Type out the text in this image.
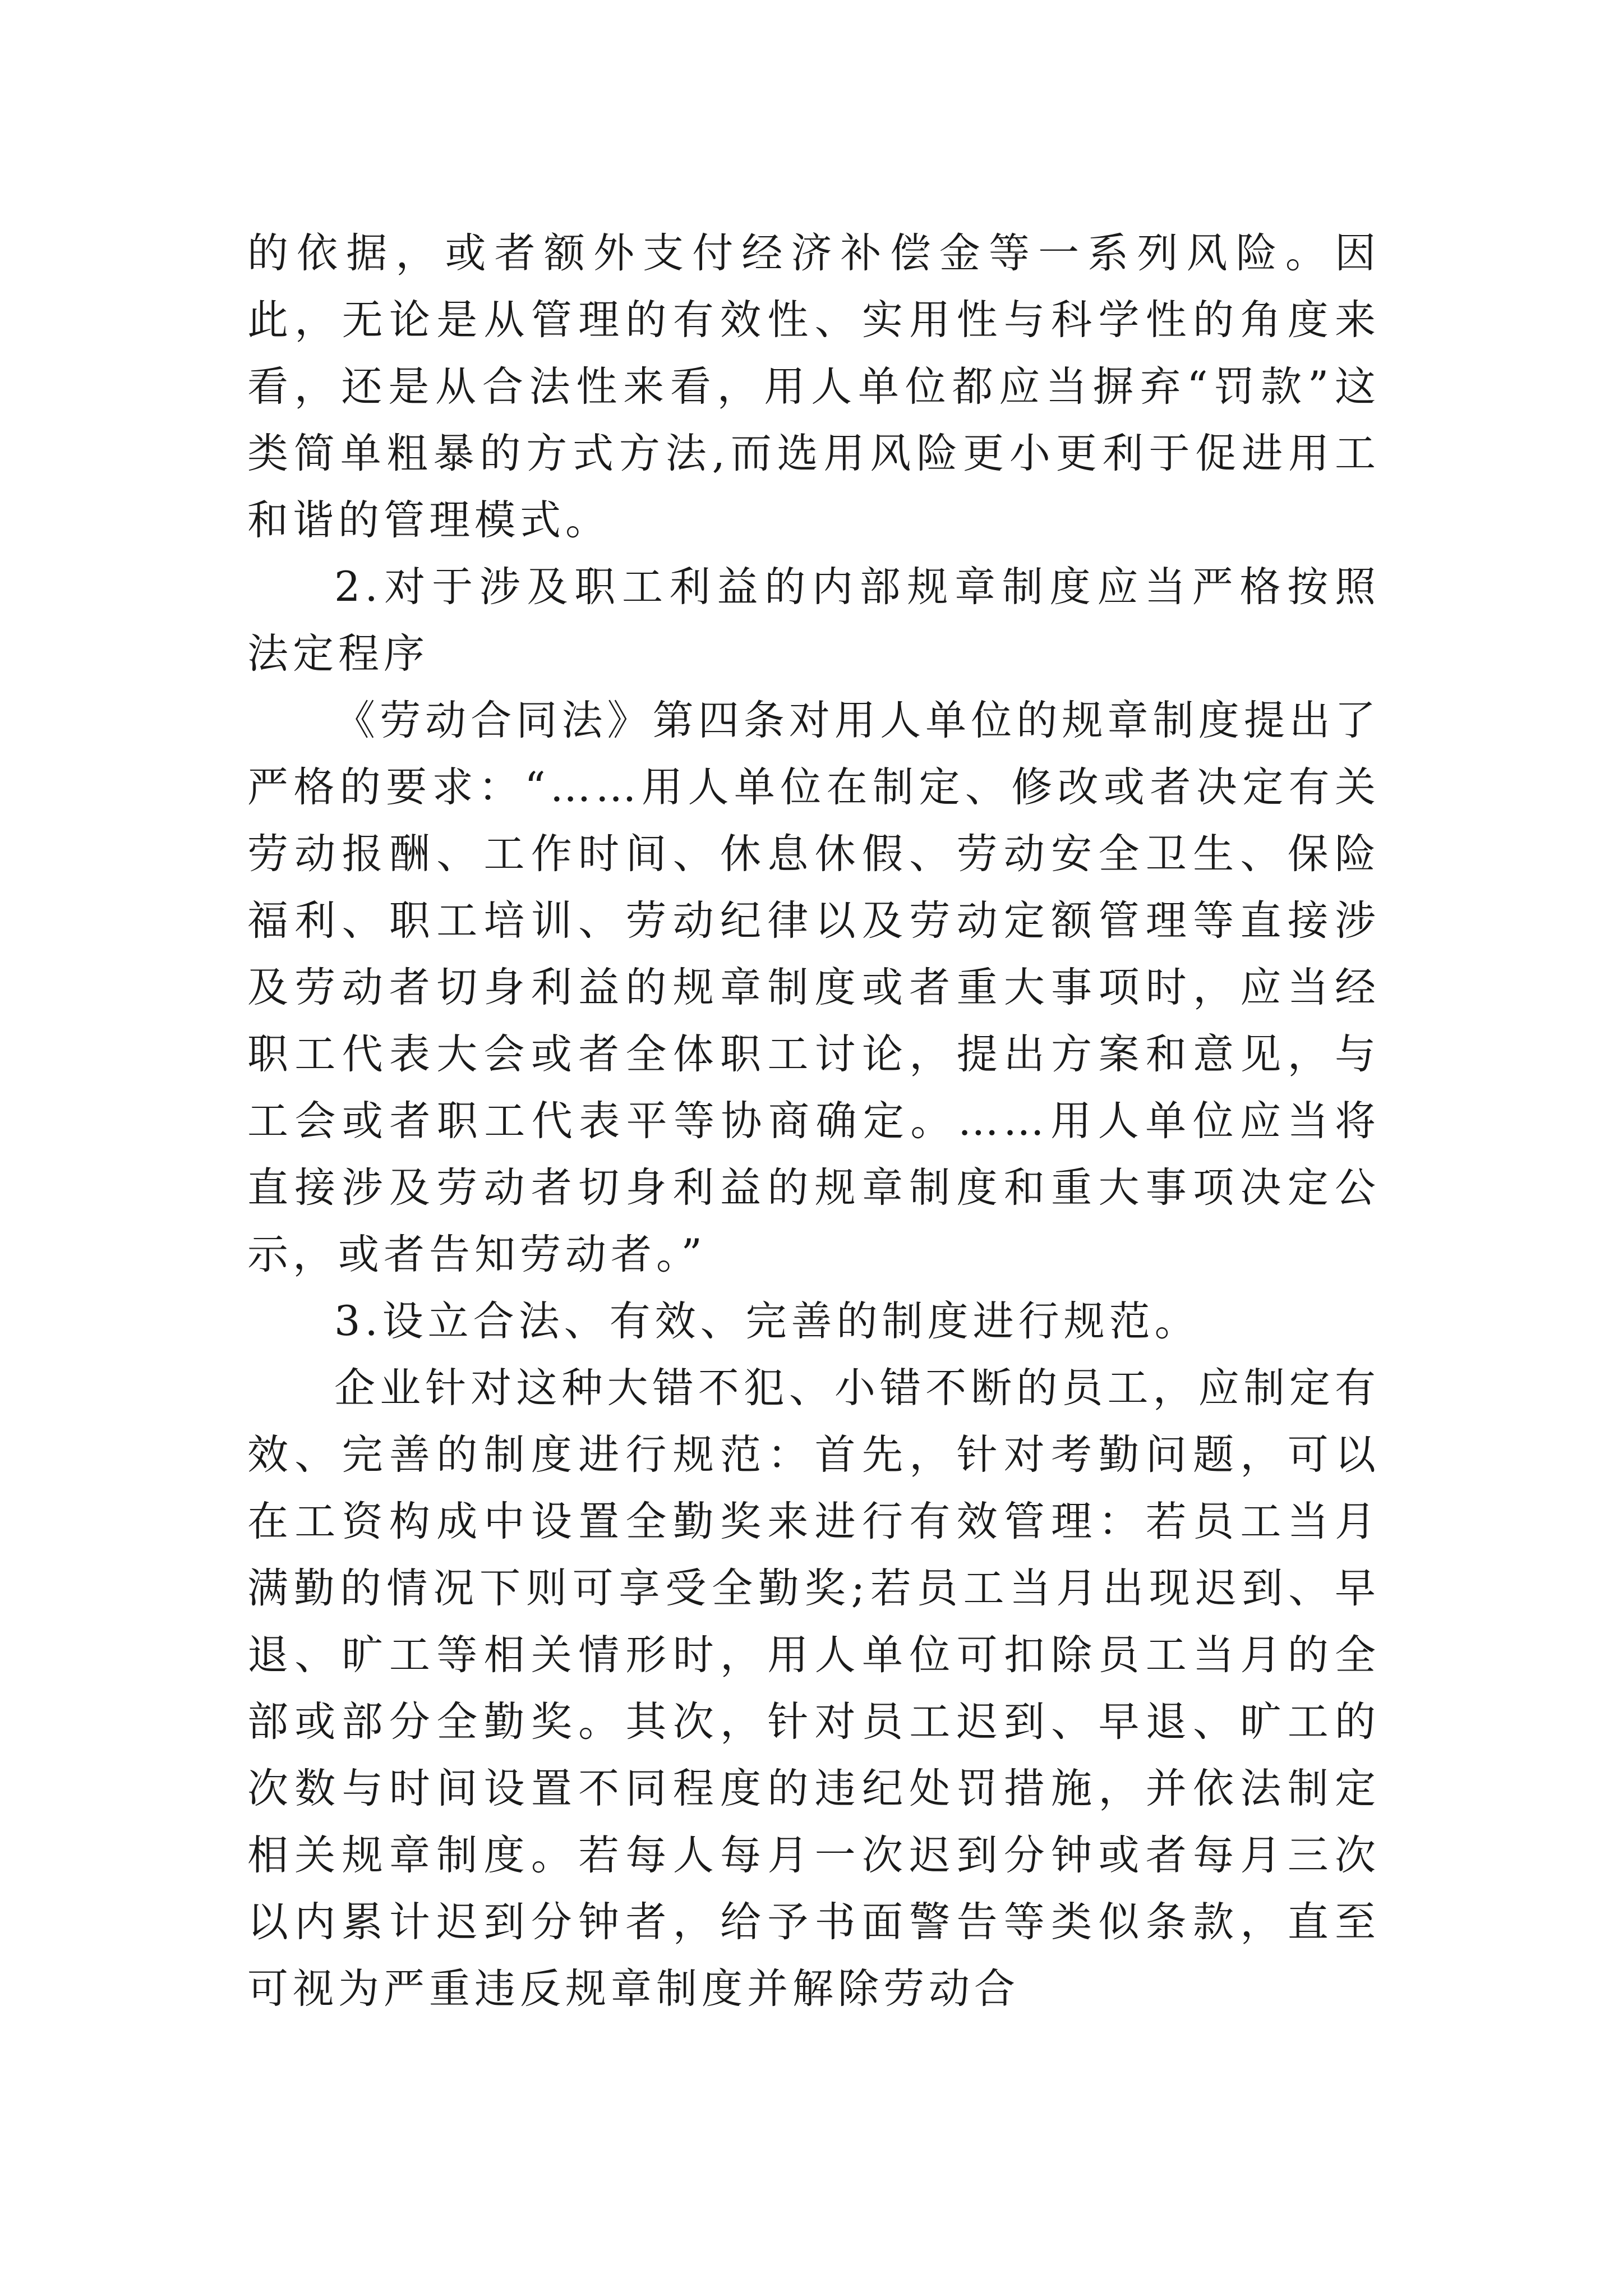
的依据，或者额外支付经济补偿金等一系列风险。因此，无论是从管理的有效性、实用性与科学性的角度来看，还是从合法性来看，用人单位都应当摒弃“罚款”这类简单粗暴的方式方法,而选用风险更小更利于促进用工和谐的管理模式。

2.对于涉及职工利益的内部规章制度应当严格按照法定程序

《劳动合同法》第四条对用人单位的规章制度提出了严格的要求：“……用人单位在制定、修改或者决定有关劳动报酬、工作时间、休息休假、劳动安全卫生、保险福利、职工培训、劳动纪律以及劳动定额管理等直接涉及劳动者切身利益的规章制度或者重大事项时，应当经职工代表大会或者全体职工讨论，提出方案和意见，与工会或者职工代表平等协商确定。……用人单位应当将直接涉及劳动者切身利益的规章制度和重大事项决定公示，或者告知劳动者。”

3.设立合法、有效、完善的制度进行规范。

企业针对这种大错不犯、小错不断的员工，应制定有效、完善的制度进行规范：首先，针对考勤问题，可以在工资构成中设置全勤奖来进行有效管理：若员工当月满勤的情况下则可享受全勤奖;若员工当月出现迟到、早退、旷工等相关情形时，用人单位可扣除员工当月的全部或部分全勤奖。其次，针对员工迟到、早退、旷工的次数与时间设置不同程度的违纪处罚措施，并依法制定相关规章制度。若每人每月一次迟到分钟或者每月三次以内累计迟到分钟者，给予书面警告等类似条款，直至可视为严重违反规章制度并解除劳动合
